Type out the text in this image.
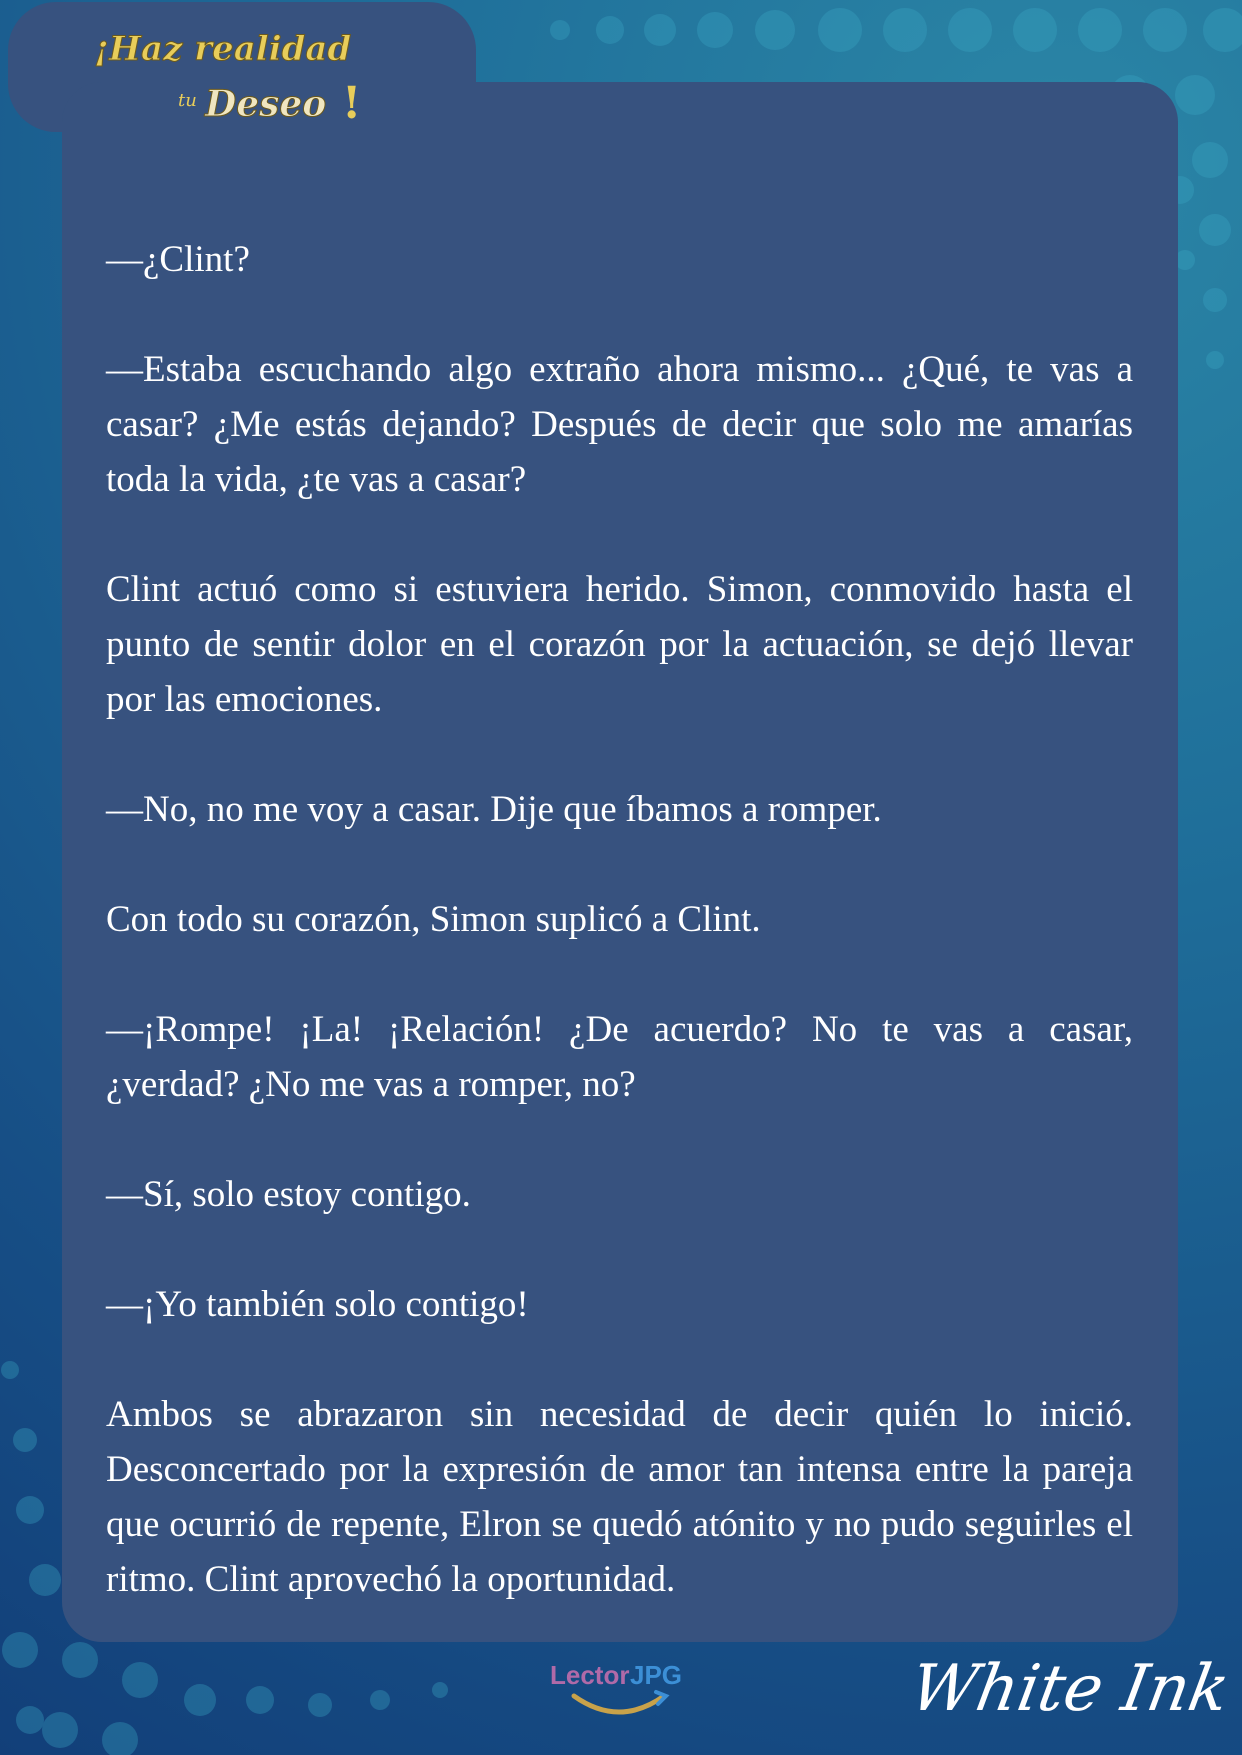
¡Haz realidad
tu Deseo !

—¿Clint?

—Estaba escuchando algo extraño ahora mismo... ¿Qué, te vas a casar? ¿Me estás dejando? Después de decir que solo me amarías toda la vida, ¿te vas a casar?

Clint actuó como si estuviera herido. Simon, conmovido hasta el punto de sentir dolor en el corazón por la actuación, se dejó llevar por las emociones.

—No, no me voy a casar. Dije que íbamos a romper.

Con todo su corazón, Simon suplicó a Clint.

—¡Rompe! ¡La! ¡Relación! ¿De acuerdo? No te vas a casar, ¿verdad? ¿No me vas a romper, no?

—Sí, solo estoy contigo.

—¡Yo también solo contigo!

Ambos se abrazaron sin necesidad de decir quién lo inició. Desconcertado por la expresión de amor tan intensa entre la pareja que ocurrió de repente, Elron se quedó atónito y no pudo seguirles el ritmo. Clint aprovechó la oportunidad.

Lector JPG	White Ink
